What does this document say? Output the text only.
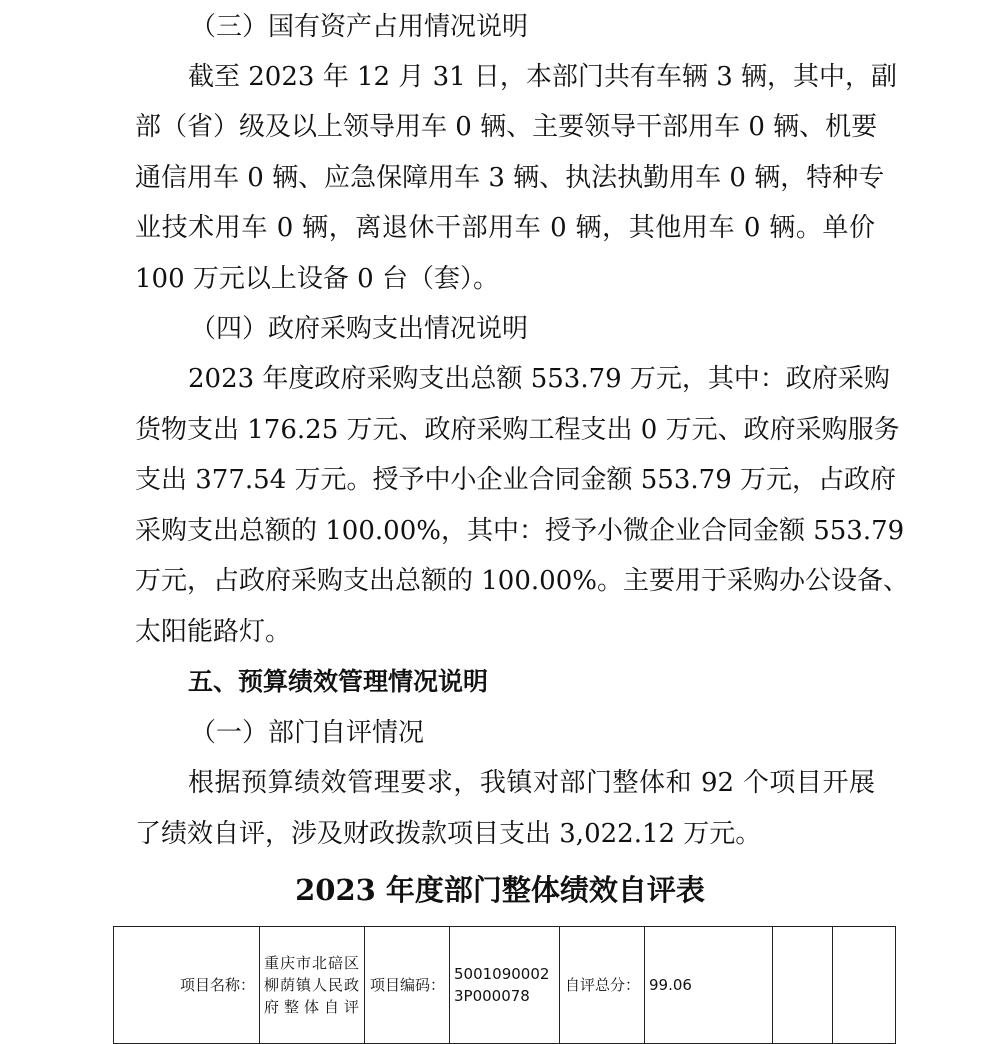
（三）国有资产占用情况说明

截至 2023 年 12 月 31 日，本部门共有车辆 3 辆，其中，副

部（省）级及以上领导用车 0 辆、主要领导干部用车 0 辆、机要

通信用车 0 辆、应急保障用车 3 辆、执法执勤用车 0 辆，特种专

业技术用车 0 辆，离退休干部用车 0 辆，其他用车 0 辆。单价

100 万元以上设备 0 台（套）。

（四）政府采购支出情况说明

2023 年度政府采购支出总额 553.79 万元，其中：政府采购

货物支出 176.25 万元、政府采购工程支出 0 万元、政府采购服务

支出 377.54 万元。授予中小企业合同金额 553.79 万元，占政府

采购支出总额的 100.00%，其中：授予小微企业合同金额 553.79

万元，占政府采购支出总额的 100.00%。主要用于采购办公设备、

太阳能路灯。

五、预算绩效管理情况说明

（一）部门自评情况

根据预算绩效管理要求，我镇对部门整体和 92 个项目开展

了绩效自评，涉及财政拨款项目支出 3,022.12 万元。

2023 年度部门整体绩效自评表
项目名称：	重庆市北碚区柳荫镇人民政府整体自评	项目编码：	50010900023P000078	自评总分：	99.06		
